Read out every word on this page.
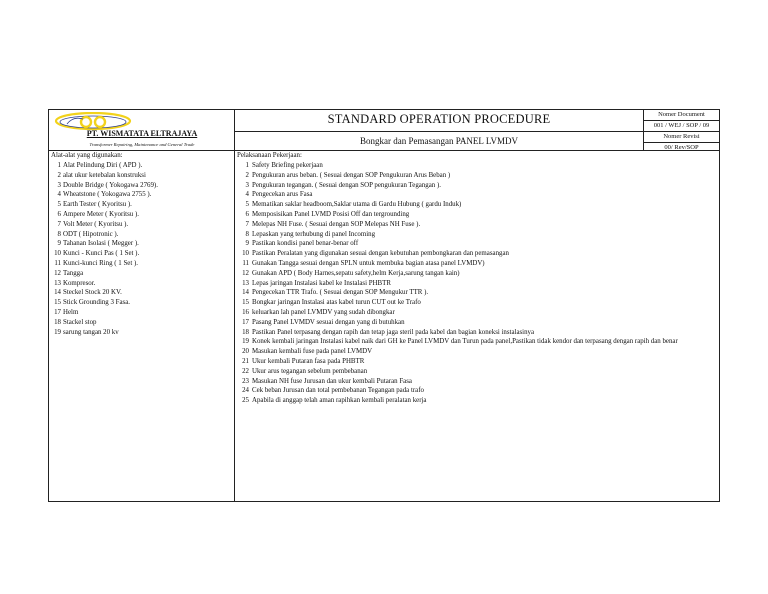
PT. WISMATATA ELTRAJAYA
Transformer Repairing, Maintenance and General Trade
STANDARD OPERATION PROCEDURE
Bongkar dan Pemasangan PANEL LVMDV
Nomer Document
001 / WEJ / SOP / 09
Nomer Revisi
00/ Rev/SOP
Alat-alat yang digunakan:
1 Alat Pelindung Diri ( APD ).
2 alat ukur ketebalan konstruksi
3 Double Bridge ( Yokogawa 2769).
4 Wheatstone ( Yokogawa 2755 ).
5 Earth Tester ( Kyoritsu ).
6 Ampere Meter ( Kyoritsu ).
7 Volt Meter ( Kyoritsu ).
8 ODT ( Hipotronic ).
9 Tahanan Isolasi ( Megger ).
10 Kunci - Kunci Pas ( 1 Set ).
11 Kunci-kunci Ring ( 1 Set ).
12 Tangga
13 Kompresor.
14 Steckel Stock 20 KV.
15 Stick Grounding 3 Fasa.
17 Helm
18 Stackel stop
19 sarung tangan 20 kv
Pelaksanaan Pekerjaan:
1 Safety Briefing pekerjaan
2 Pengukuran arus beban. ( Sesuai dengan SOP Pengukuran Arus Beban )
3 Pengukuran tegangan. ( Sesuai dengan SOP pengukuran Tegangan ).
4 Pengecekan arus Fasa
5 Mematikan saklar headboom,Saklar utama di Gardu Hubung ( gardu Induk)
6 Memposisikan Panel LVMD Posisi Off dan tergrounding
7 Melepas NH Fuse. ( Sesuai dengan SOP Melepas NH Fuse ).
8 Lepaskan yang terhubung di panel Incoming
9 Pastikan kondisi panel benar-benar off
10 Pastikan Peralatan yang digunakan sesuai dengan kebutuhan pembongkaran dan pemasangan
11 Gunakan Tangga sesuai dengan SPLN untuk membuka bagian atasa panel LVMDV)
12 Gunakan APD ( Body Harnes,sepatu safety,helm Kerja,sarung tangan kain)
13 Lepas jaringan Instalasi kabel ke Instalasi PHBTR
14 Pengecekan TTR Trafo. ( Sesuai dengan SOP Mengukur TTR ).
15 Bongkar jaringan Instalasi atas kabel turun CUT out ke Trafo
16 keluarkan lah panel LVMDV yang sudah dibongkar
17 Pasang Panel LVMDV sesuai dengan yang di butuhkan
18 Pastikan Panel terpasang dengan rapih dan tetap jaga steril pada kabel dan bagian koneksi instalasinya
19 Konek kembali jaringan Instalasi kabel naik dari GH ke Panel LVMDV dan Turun pada panel,Pastikan tidak kendor dan terpasang dengan rapih dan benar
20 Masukan kembali fuse pada panel LVMDV
21 Ukur kembali Putaran fasa pada PHBTR
22 Ukur arus tegangan sebelum pembebanan
23 Masukan NH fuse Jurusan dan ukur kembali Putaran Fasa
24 Cek beban Jurusan dan total pembebanan Tegangan pada trafo
25 Apabila di anggap telah aman rapihkan kembali peralatan kerja
